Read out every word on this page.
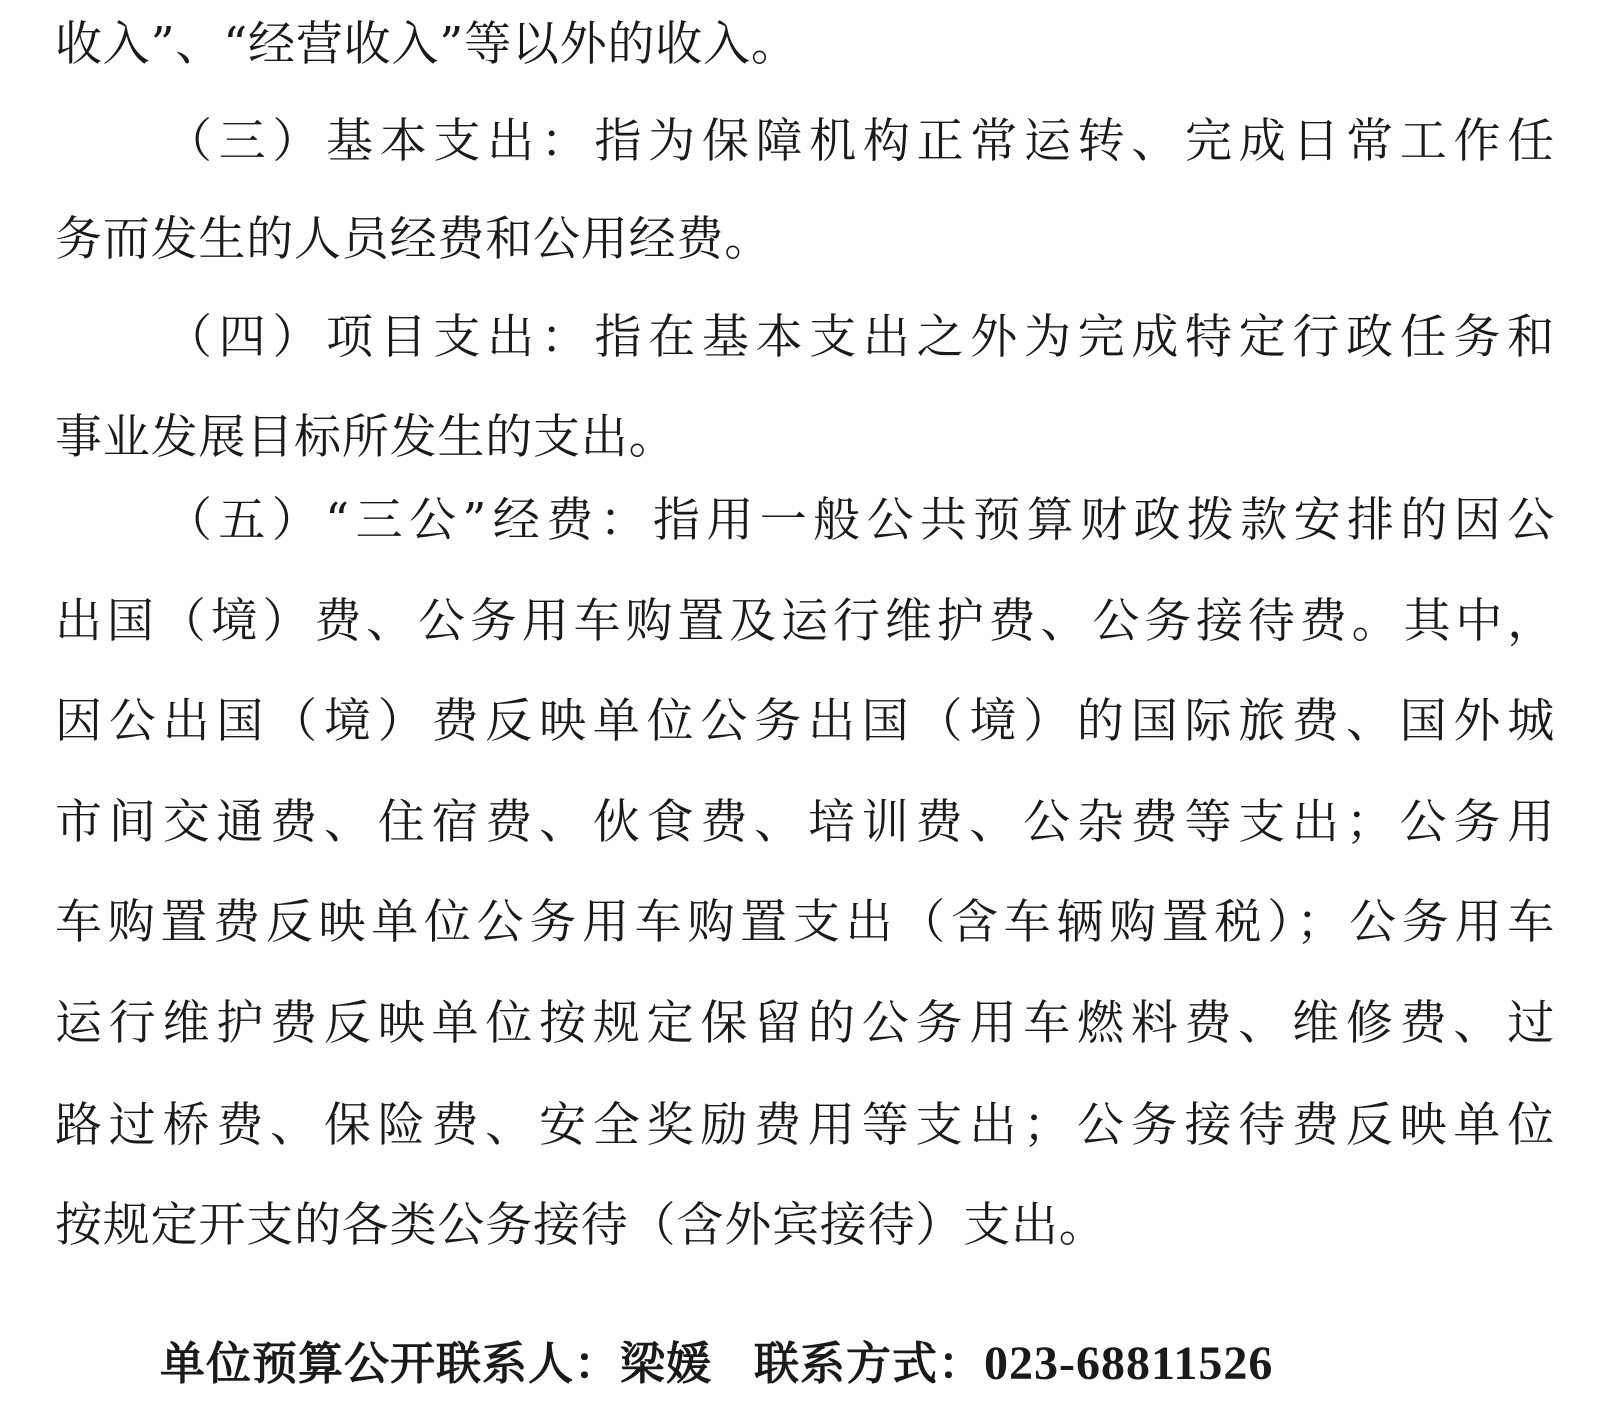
收入”、“经营收入”等以外的收入。
（三）基本支出：指为保障机构正常运转、完成日常工作任
务而发生的人员经费和公用经费。
（四）项目支出：指在基本支出之外为完成特定行政任务和
事业发展目标所发生的支出。
（五）“三公”经费：指用一般公共预算财政拨款安排的因公
出国（境）费、公务用车购置及运行维护费、公务接待费。其中，
因公出国（境）费反映单位公务出国（境）的国际旅费、国外城
市间交通费、住宿费、伙食费、培训费、公杂费等支出；公务用
车购置费反映单位公务用车购置支出（含车辆购置税）；公务用车
运行维护费反映单位按规定保留的公务用车燃料费、维修费、过
路过桥费、保险费、安全奖励费用等支出；公务接待费反映单位
按规定开支的各类公务接待（含外宾接待）支出。
单位预算公开联系人：梁媛 联系方式：023-68811526
